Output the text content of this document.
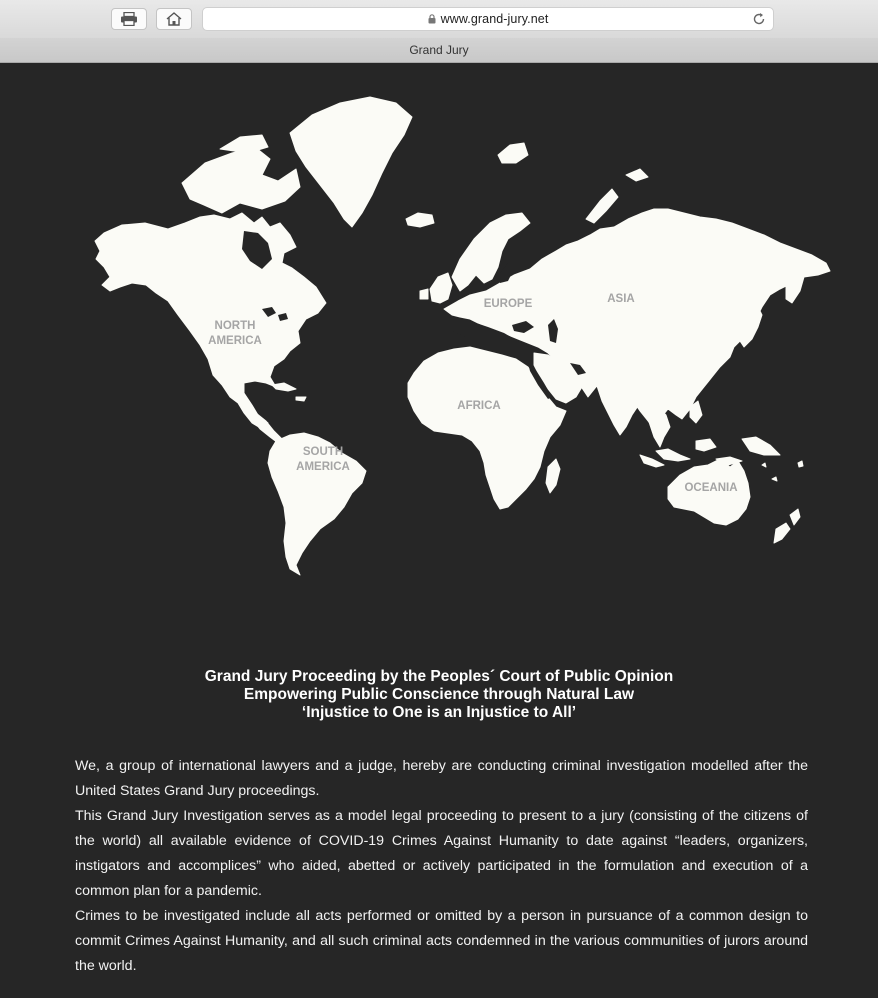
www.grand-jury.net
Grand Jury
NORTH
AMERICA
SOUTH
AMERICA
EUROPE
AFRICA
ASIA
OCEANIA
Grand Jury Proceeding by the Peoples´ Court of Public Opinion
Empowering Public Conscience through Natural Law
‘Injustice to One is an Injustice to All’

We, a group of international lawyers and a judge, hereby are conducting criminal investigation modelled after the United States Grand Jury proceedings.

This Grand Jury Investigation serves as a model legal proceeding to present to a jury (consisting of the citizens of the world) all available evidence of COVID-19 Crimes Against Humanity to date against “leaders, organizers, instigators and accomplices” who aided, abetted or actively participated in the formulation and execution of a common plan for a pandemic.

Crimes to be investigated include all acts performed or omitted by a person in pursuance of a common design to commit Crimes Against Humanity, and all such criminal acts condemned in the various communities of jurors around the world.
